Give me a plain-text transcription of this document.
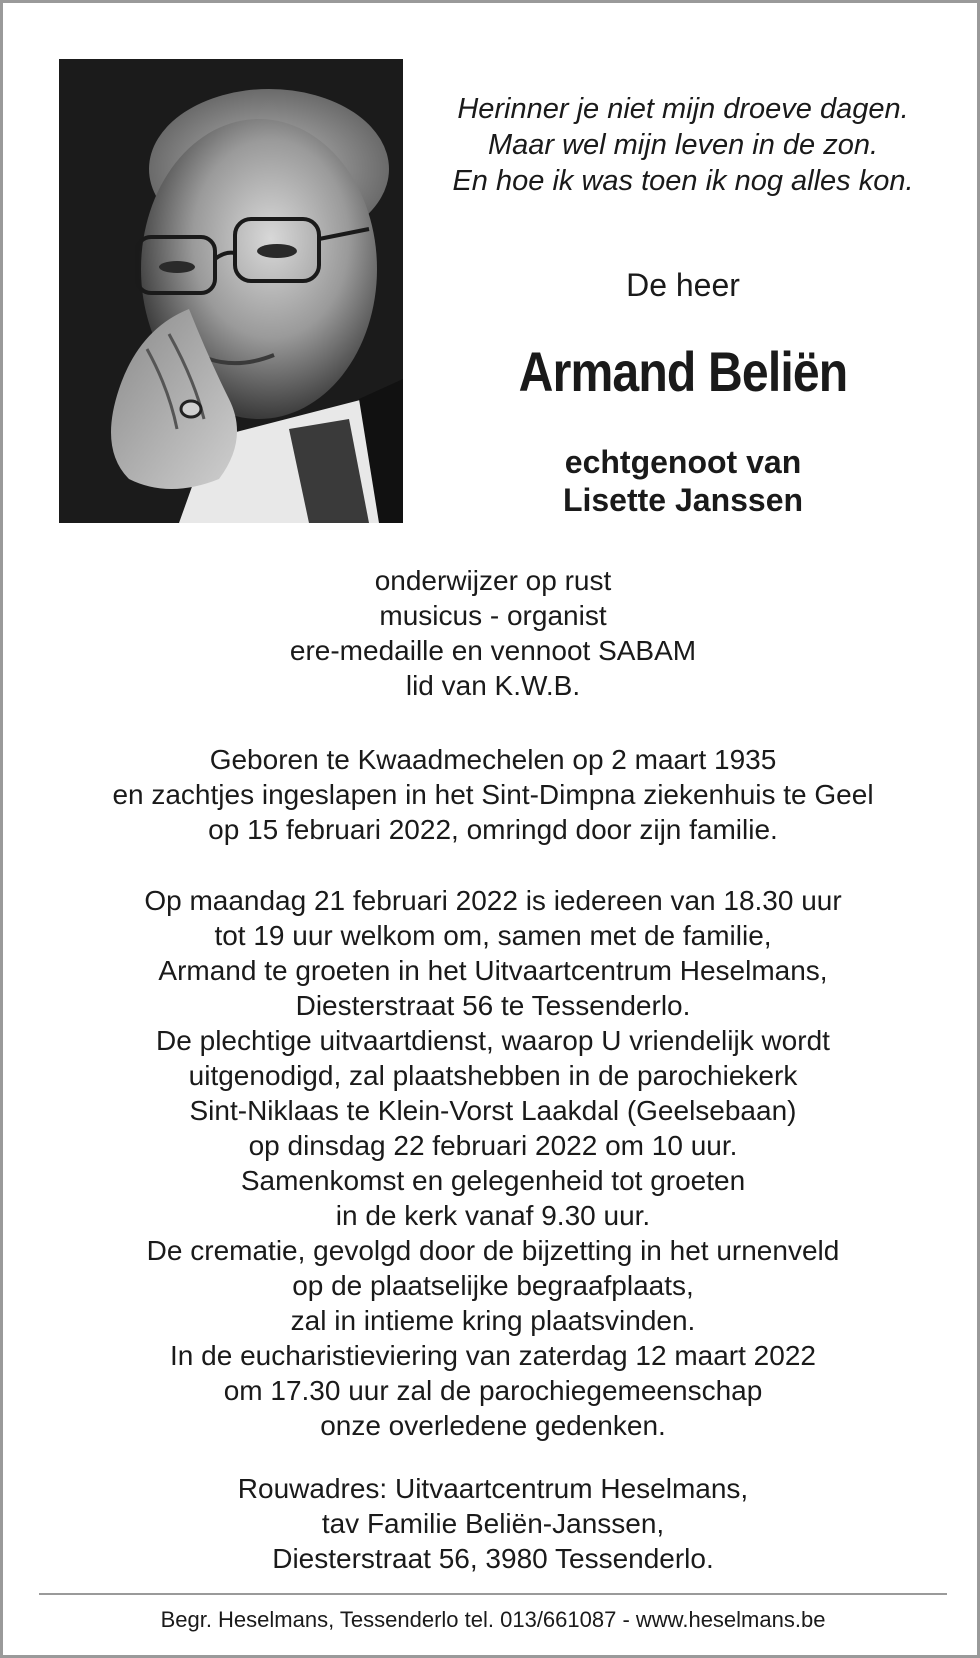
Herinner je niet mijn droeve dagen.
Maar wel mijn leven in de zon.
En hoe ik was toen ik nog alles kon.
De heer
Armand Beliën
echtgenoot van
Lisette Janssen
onderwijzer op rust
musicus - organist
ere-medaille en vennoot SABAM
lid van K.W.B.
Geboren te Kwaadmechelen op 2 maart 1935
en zachtjes ingeslapen in het Sint-Dimpna ziekenhuis te Geel
op 15 februari 2022, omringd door zijn familie.
Op maandag 21 februari 2022 is iedereen van 18.30 uur
tot 19 uur welkom om, samen met de familie,
Armand te groeten in het Uitvaartcentrum Heselmans,
Diesterstraat 56 te Tessenderlo.
De plechtige uitvaartdienst, waarop U vriendelijk wordt
uitgenodigd, zal plaatshebben in de parochiekerk
Sint-Niklaas te Klein-Vorst Laakdal (Geelsebaan)
op dinsdag 22 februari 2022 om 10 uur.
Samenkomst en gelegenheid tot groeten
in de kerk vanaf 9.30 uur.
De crematie, gevolgd door de bijzetting in het urnenveld
op de plaatselijke begraafplaats,
zal in intieme kring plaatsvinden.
In de eucharistieviering van zaterdag 12 maart 2022
om 17.30 uur zal de parochiegemeenschap
onze overledene gedenken.
Rouwadres: Uitvaartcentrum Heselmans,
tav Familie Beliën-Janssen,
Diesterstraat 56, 3980 Tessenderlo.
Begr. Heselmans, Tessenderlo tel. 013/661087 - www.heselmans.be
